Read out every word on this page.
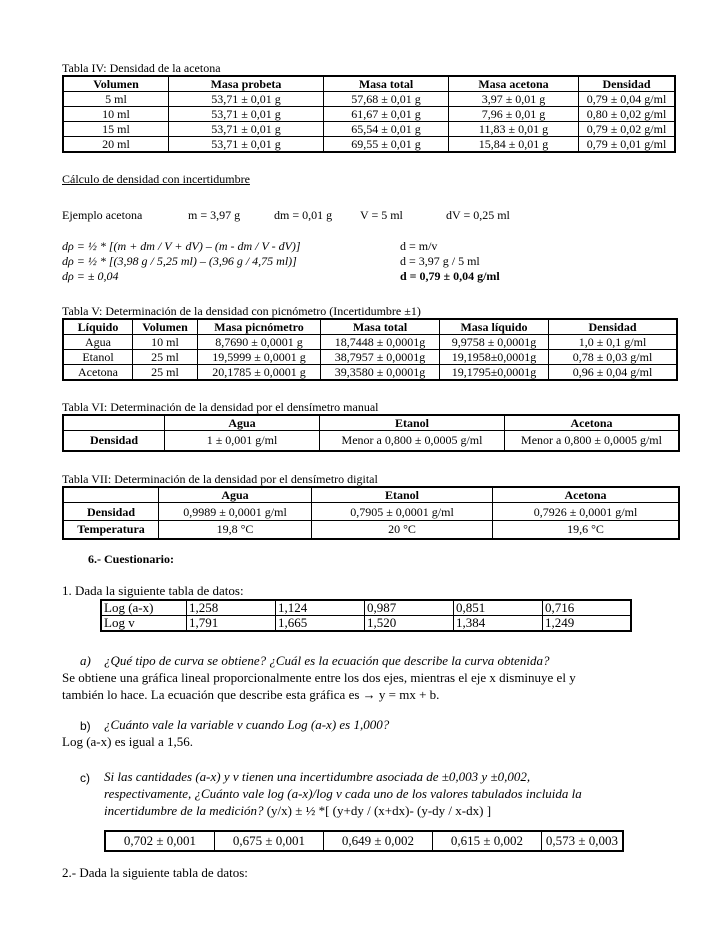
Tabla IV: Densidad de la acetona
Volumen	Masa probeta	Masa total	Masa acetona	Densidad
5 ml	53,71 ± 0,01 g	57,68 ± 0,01 g	3,97 ± 0,01 g	0,79 ± 0,04 g/ml
10 ml	53,71 ± 0,01 g	61,67 ± 0,01 g	7,96 ± 0,01 g	0,80 ± 0,02 g/ml
15 ml	53,71 ± 0,01 g	65,54 ± 0,01 g	11,83 ± 0,01 g	0,79 ± 0,02 g/ml
20 ml	53,71 ± 0,01 g	69,55 ± 0,01 g	15,84 ± 0,01 g	0,79 ± 0,01 g/ml
Cálculo de densidad con incertidumbre
Ejemplo acetona	m = 3,97 g	dm = 0,01 g V = 5 ml	dV = 0,25 ml
dρ = ½ * [(m + dm / V + dV) – (m - dm / V - dV)]
dρ = ½ * [(3,98 g / 5,25 ml) – (3,96 g / 4,75 ml)]
dρ = ± 0,04
d = m/v
d = 3,97 g / 5 ml
d = 0,79 ± 0,04 g/ml
Tabla V: Determinación de la densidad con picnómetro (Incertidumbre ±1)
Líquido	Volumen	Masa picnómetro	Masa total	Masa líquido	Densidad
Agua	10 ml	8,7690 ± 0,0001 g	18,7448 ± 0,0001g	9,9758 ± 0,0001g	1,0 ± 0,1 g/ml
Etanol	25 ml	19,5999 ± 0,0001 g	38,7957 ± 0,0001g	19,1958±0,0001g	0,78 ± 0,03 g/ml
Acetona	25 ml	20,1785 ± 0,0001 g	39,3580 ± 0,0001g	19,1795±0,0001g	0,96 ± 0,04 g/ml
Tabla VI: Determinación de la densidad por el densímetro manual
	Agua	Etanol	Acetona
Densidad	1 ± 0,001 g/ml	Menor a 0,800 ± 0,0005 g/ml	Menor a 0,800 ± 0,0005 g/ml
Tabla VII: Determinación de la densidad por el densímetro digital
	Agua	Etanol	Acetona
Densidad	0,9989 ± 0,0001 g/ml	0,7905 ± 0,0001 g/ml	0,7926 ± 0,0001 g/ml
Temperatura	19,8 °C	20 °C	19,6 °C
6.- Cuestionario:
1. Dada la siguiente tabla de datos:
Log (a-x)	1,258	1,124	0,987	0,851	0,716
Log v	1,791	1,665	1,520	1,384	1,249
a) ¿Qué tipo de curva se obtiene? ¿Cuál es la ecuación que describe la curva obtenida?
Se obtiene una gráfica lineal proporcionalmente entre los dos ejes, mientras el eje x disminuye el y
también lo hace. La ecuación que describe esta gráfica es → y = mx + b.
b) ¿Cuánto vale la variable v cuando Log (a-x) es 1,000?
Log (a-x) es igual a 1,56.
c) Si las cantidades (a-x) y v tienen una incertidumbre asociada de ±0,003 y ±0,002,
respectivamente, ¿Cuánto vale log (a-x)/log v cada uno de los valores tabulados incluida la
incertidumbre de la medición? (y/x) ± ½ *[ (y+dy / (x+dx)- (y-dy / x-dx) ]
0,702 ± 0,001	0,675 ± 0,001	0,649 ± 0,002	0,615 ± 0,002	0,573 ± 0,003
2.- Dada la siguiente tabla de datos:
